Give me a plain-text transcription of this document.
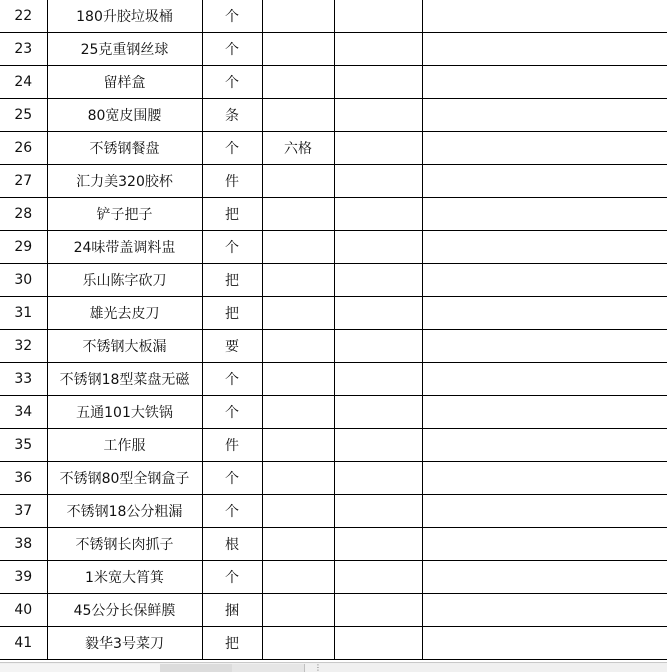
22	180升胶垃圾桶	个			
23	25克重钢丝球	个			
24	留样盒	个			
25	80宽皮围腰	条			
26	不锈钢餐盘	个	六格		
27	汇力美320胶杯	件			
28	铲子把子	把			
29	24味带盖调料盅	个			
30	乐山陈字砍刀	把			
31	雄光去皮刀	把			
32	不锈钢大板漏	要			
33	不锈钢18型菜盘无磁	个			
34	五通101大铁锅	个			
35	工作服	件			
36	不锈钢80型全钢盒子	个			
37	不锈钢18公分粗漏	个			
38	不锈钢长肉抓子	根			
39	1米宽大筲箕	个			
40	45公分长保鲜膜	捆			
41	毅华3号菜刀	把			
⋮
